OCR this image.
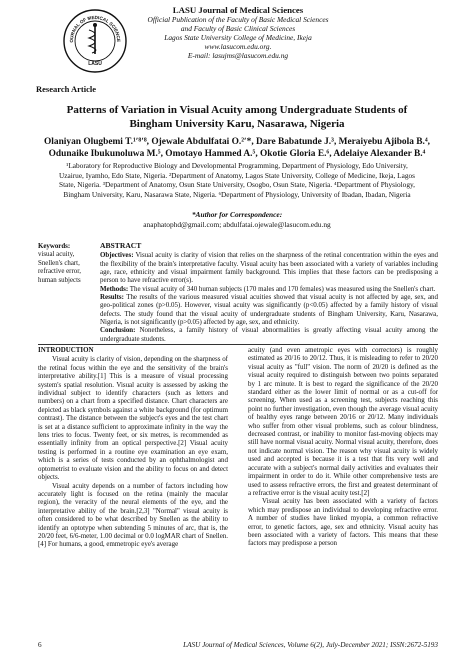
OURNAL OF MEDICAL SCIENCE
LASU
Research Article
LASU Journal of Medical Sciences
Official Publication of the Faculty of Basic Medical Sciences
and Faculty of Basic Clinical Sciences
Lagos State University College of Medicine, Ikeja
www.lasucom.edu.org.
E-mail: lasujms@lasucom.edu.ng
Patterns of Variation in Visual Acuity among Undergraduate Students of
Bingham University Karu, Nasarawa, Nigeria
Olaniyan Olugbemi T.¹ʹ⁸ʹ⁸, Ojewale Abdulfatai O.²ʹ*, Dare Babatunde J.³, Meraiyebu Ajibola B.⁴,
Odunaike Ibukunoluwa M.⁵, Omotayo Hammed A.⁵, Okotie Gloria E.⁶, Adelaiye Alexander B.⁴
¹Laboratory for Reproductive Biology and Developmental Programming, Department of Physiology, Edo University,
Uzairue, Iyamho, Edo State, Nigeria. ²Department of Anatomy, Lagos State University, College of Medicine, Ikeja, Lagos
State, Nigeria. ³Department of Anatomy, Osun State University, Osogbo, Osun State, Nigeria. ⁴Department of Physiology,
Bingham University, Karu, Nasarawa State, Nigeria. ⁶Department of Physiology, University of Ibadan, Ibadan, Nigeria
*Author for Correspondence:
anaphatophd@gmail.com; abdulfatai.ojewale@lasucom.edu.ng
Keywords:
visual acuity,
Snellen's chart,
refractive error,
human subjects
ABSTRACT

Objectives: Visual acuity is clarity of vision that relies on the sharpness of the retinal concentration within the eyes and the flexibility of the brain's interpretative faculty. Visual acuity has been associated with a variety of variables including age, race, ethnicity and visual impairment family background. This implies that these factors can be predisposing a person to have refractive error(s).

Methods: The visual acuity of 340 human subjects (170 males and 170 females) was measured using the Snellen's chart.

Results: The results of the various measured visual acuities showed that visual acuity is not affected by age, sex, and geo-political zones (p>0.05). However, visual acuity was significantly (p<0.05) affected by a family history of visual defects. The study found that the visual acuity of undergraduate students of Bingham University, Karu, Nasarawa, Nigeria, is not significantly (p>0.05) affected by age, sex, and ethnicity.

Conclusion: Nonetheless, a family history of visual abnormalities is greatly affecting visual acuity among the undergraduate students.

INTRODUCTION

Visual acuity is clarity of vision, depending on the sharpness of the retinal focus within the eye and the sensitivity of the brain's interpretative ability.[1] This is a measure of visual processing system's spatial resolution. Visual acuity is assessed by asking the individual subject to identify characters (such as letters and numbers) on a chart from a specified distance. Chart characters are depicted as black symbols against a white background (for optimum contrast). The distance between the subject's eyes and the test chart is set at a distance sufficient to approximate infinity in the way the lens tries to focus. Twenty feet, or six metres, is recommended as essentially infinity from an optical perspective.[2] Visual acuity testing is performed in a routine eye examination an eye exam, which is a series of tests conducted by an ophthalmologist and optometrist to evaluate vision and the ability to focus on and detect objects.

Visual acuity depends on a number of factors including how accurately light is focused on the retina (mainly the macular region), the veracity of the neural elements of the eye, and the interpretative ability of the brain.[2,3] "Normal" visual acuity is often considered to be what described by Snellen as the ability to identify an optotype when subtending 5 minutes of arc, that is, the 20/20 feet, 6/6-meter, 1.00 decimal or 0.0 logMAR chart of Snellen.[4] For humans, a good, emmetropic eye's average

acuity (and even ametropic eyes with correctors) is roughly estimated as 20/16 to 20/12. Thus, it is misleading to refer to 20/20 visual acuity as "full" vision. The norm of 20/20 is defined as the visual acuity required to distinguish between two points separated by 1 arc minute. It is best to regard the significance of the 20/20 standard either as the lower limit of normal or as a cut-off for screening. When used as a screening test, subjects reaching this point no further investigation, even though the average visual acuity of healthy eyes range between 20/16 or 20/12. Many individuals who suffer from other visual problems, such as colour blindness, decreased contrast, or inability to monitor fast-moving objects may still have normal visual acuity. Normal visual acuity, therefore, does not indicate normal vision. The reason why visual acuity is widely used and accepted is because it is a test that fits very well and accurate with a subject's normal daily activities and evaluates their impairment in order to do it. While other comprehensive tests are used to assess refractive errors, the first and greatest determinant of a refractive error is the visual acuity test.[2]

Visual acuity has been associated with a variety of factors which may predispose an individual to developing refractive error. A number of studies have linked myopia, a common refractive error, to genetic factors, age, sex and ethnicity. Visual acuity has been associated with a variety of factors. This means that these factors may predispose a person

6	LASU Journal of Medical Sciences, Volume 6(2), July-December 2021; ISSN:2672-5193
